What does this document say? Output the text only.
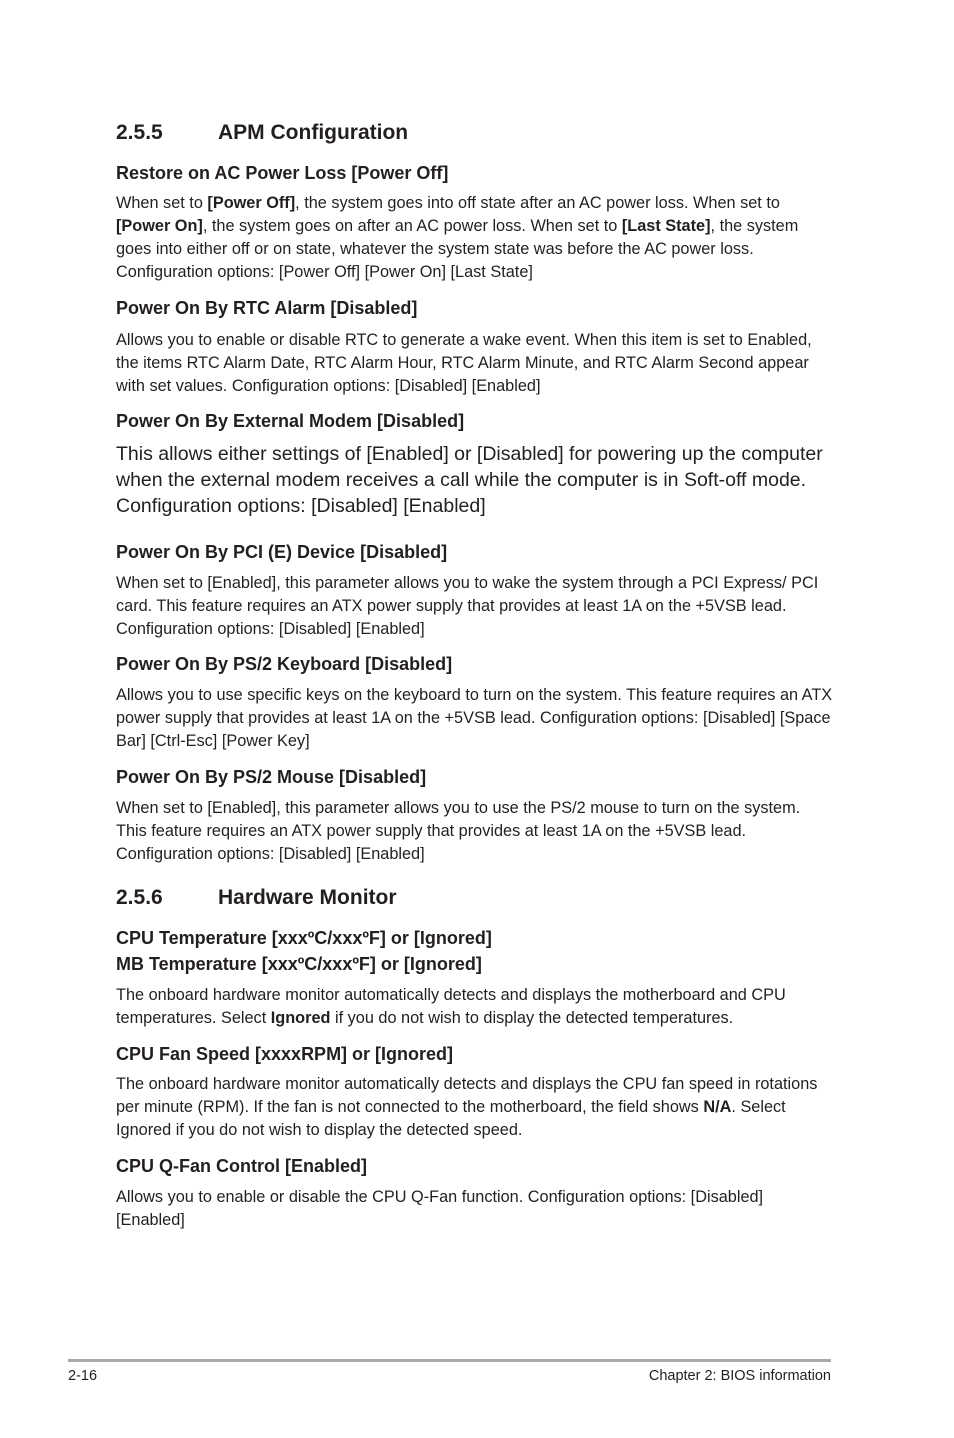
2.5.5	APM Configuration
Restore on AC Power Loss [Power Off]

When set to [Power Off], the system goes into off state after an AC power loss. When set to [Power On], the system goes on after an AC power loss. When set to [Last State], the system goes into either off or on state, whatever the system state was before the AC power loss. Configuration options: [Power Off] [Power On] [Last State]

Power On By RTC Alarm [Disabled]

Allows you to enable or disable RTC to generate a wake event. When this item is set to Enabled, the items RTC Alarm Date, RTC Alarm Hour, RTC Alarm Minute, and RTC Alarm Second appear with set values. Configuration options: [Disabled] [Enabled]

Power On By External Modem [Disabled]

This allows either settings of [Enabled] or [Disabled] for powering up the computer when the external modem receives a call while the computer is in Soft-off mode. Configuration options: [Disabled] [Enabled]

Power On By PCI (E) Device [Disabled]

When set to [Enabled], this parameter allows you to wake the system through a PCI Express/ PCI card. This feature requires an ATX power supply that provides at least 1A on the +5VSB lead. Configuration options: [Disabled] [Enabled]

Power On By PS/2 Keyboard [Disabled]

Allows you to use specific keys on the keyboard to turn on the system. This feature requires an ATX power supply that provides at least 1A on the +5VSB lead. Configuration options: [Disabled] [Space Bar] [Ctrl-Esc] [Power Key]

Power On By PS/2 Mouse [Disabled]

When set to [Enabled], this parameter allows you to use the PS/2 mouse to turn on the system. This feature requires an ATX power supply that provides at least 1A on the +5VSB lead. Configuration options: [Disabled] [Enabled]

2.5.6	Hardware Monitor
CPU Temperature [xxxºC/xxxºF] or [Ignored]
MB Temperature [xxxºC/xxxºF] or [Ignored]

The onboard hardware monitor automatically detects and displays the motherboard and CPU temperatures. Select Ignored if you do not wish to display the detected temperatures.

CPU Fan Speed [xxxxRPM] or [Ignored]

The onboard hardware monitor automatically detects and displays the CPU fan speed in rotations per minute (RPM). If the fan is not connected to the motherboard, the field shows N/A. Select Ignored if you do not wish to display the detected speed.

CPU Q-Fan Control [Enabled]

Allows you to enable or disable the CPU Q-Fan function. Configuration options: [Disabled] [Enabled]

2-16	Chapter 2: BIOS information
